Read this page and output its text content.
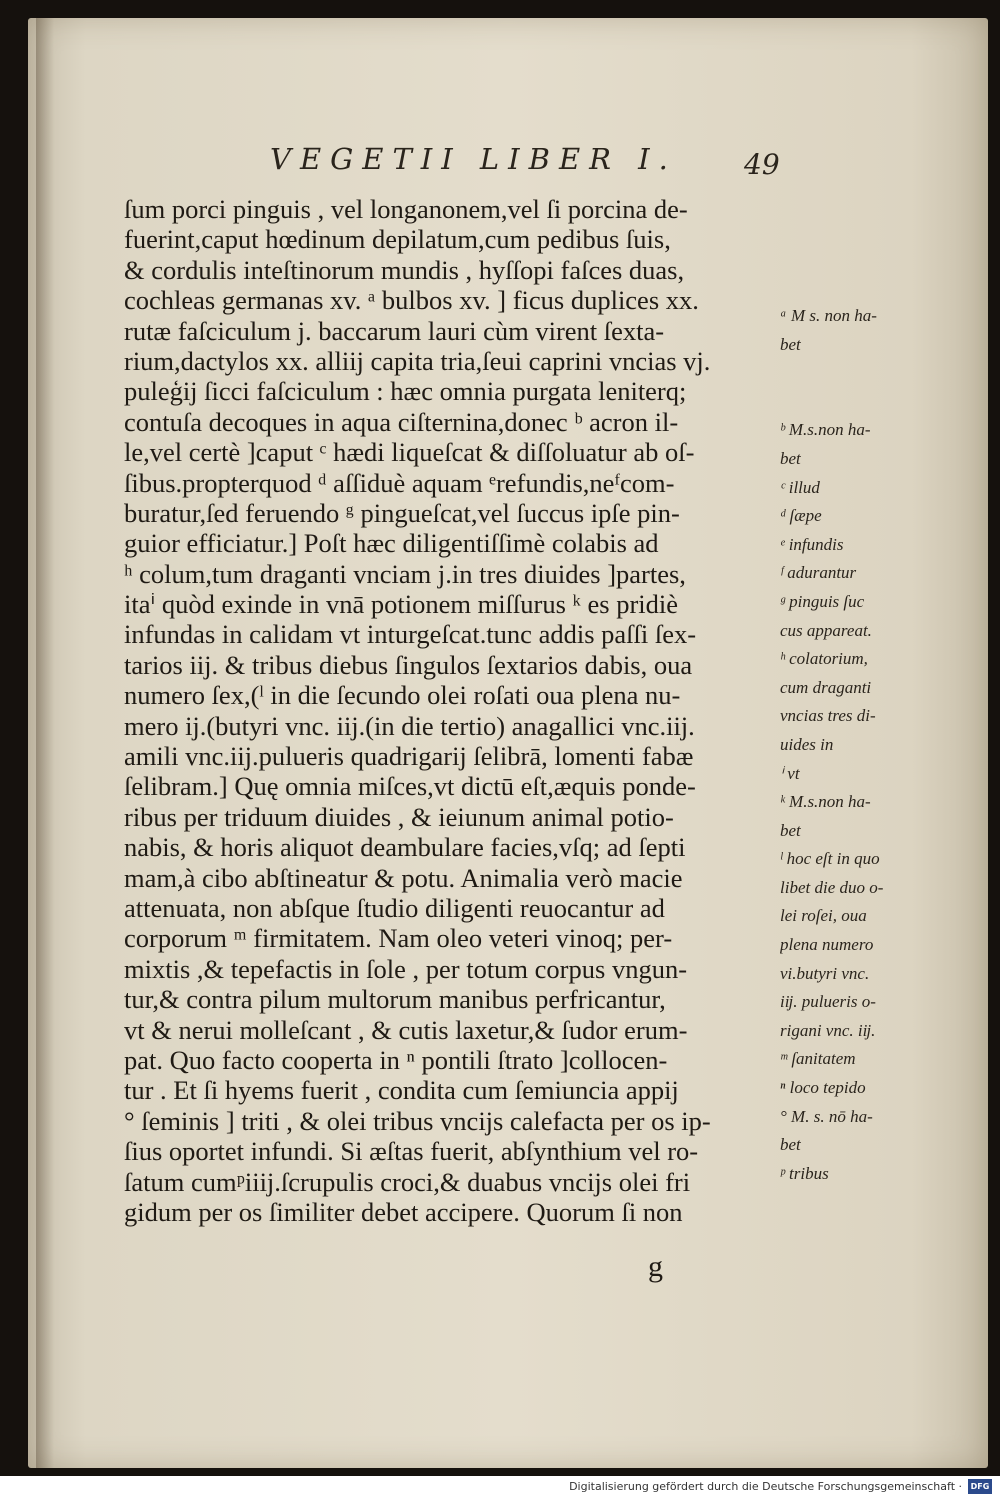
VEGETII LIBER I. 49
ſum porci pinguis , vel longanonem,vel ſi porcina de-
fuerint,caput hœdinum depilatum,cum pedibus ſuis,
& cordulis inteſtinorum mundis , hyſſopi faſces duas,
cochleas germanas xv. ᵃ bulbos xv. ] ficus duplices xx.
rutæ faſciculum j. baccarum lauri cùm virent ſexta-
rium,dactylos xx. alliĳ capita tria,ſeui caprini vncias vj.
puleģĳ ſicci faſciculum : hæc omnia purgata leniterq;
contuſa decoques in aqua ciſternina,donec ᵇ acron il-
le,vel certè ]caput ᶜ hædi liqueſcat & diſſoluatur ab oſ-
ſibus.propterquod ᵈ aſſiduè aquam ᵉrefundis,neᶠcom-
buratur,ſed feruendo ᵍ pingueſcat,vel ſuccus ipſe pin-
guior efficiatur.] Poſt hæc diligentiſſimè colabis ad
ʰ colum,tum draganti vnciam j.in tres diuides ]partes,
itaⁱ quòd exinde in vnā potionem miſſurus ᵏ es pridiè
infundas in calidam vt inturgeſcat.tunc addis paſſi ſex-
tarios iĳ. & tribus diebus ſingulos ſextarios dabis, oua
numero ſex,(ˡ in die ſecundo olei roſati oua plena nu-
mero ĳ.(butyri vnc. iĳ.(in die tertio) anagallici vnc.iĳ.
amili vnc.iĳ.pulueris quadrigarĳ ſelibrā, lomenti fabæ
ſelibram.] Quę omnia miſces,vt dictū eſt,æquis ponde-
ribus per triduum diuides , & ieiunum animal potio-
nabis, & horis aliquot deambulare facies,vſq; ad ſepti
mam,à cibo abſtineatur & potu. Animalia verò macie
attenuata, non abſque ſtudio diligenti reuocantur ad
corporum ᵐ firmitatem. Nam oleo veteri vinoq; per-
mixtis ,& tepefactis in ſole , per totum corpus vngun-
tur,& contra pilum multorum manibus perfricantur,
vt & nerui molleſcant , & cutis laxetur,& ſudor erum-
pat. Quo facto cooperta in ⁿ pontili ſtrato ]collocen-
tur . Et ſi hyems fuerit , condita cum ſemiuncia appĳ
° ſeminis ] triti , & olei tribus vncĳs calefacta per os ip-
ſius oportet infundi. Si æſtas fuerit, abſynthium vel ro-
ſatum cumᵖiiij.ſcrupulis croci,& duabus vncijs olei fri
gidum per os ſimiliter debet accipere. Quorum ſi non
ᵃ M s. non ha-
bet
ᵇ M.s.non ha-
bet
ᶜ illud
ᵈ ſæpe
ᵉ infundis
ᶠ adurantur
ᵍ pinguis ſuc
cus appareat.
ʰ colatorium,
cum draganti
vncias tres di-
uides in
ⁱ vt
ᵏ M.s.non ha-
bet
ˡ hoc eſt in quo
libet die duo o-
lei roſei, oua
plena numero
vi.butyri vnc.
iĳ. pulueris o-
rigani vnc. iĳ.
ᵐ ſanitatem
ⁿ loco tepido
° M. s. nō ha-
bet
ᵖ tribus
g
Digitalisierung gefördert durch die Deutsche Forschungsgemeinschaft ·	DFG
